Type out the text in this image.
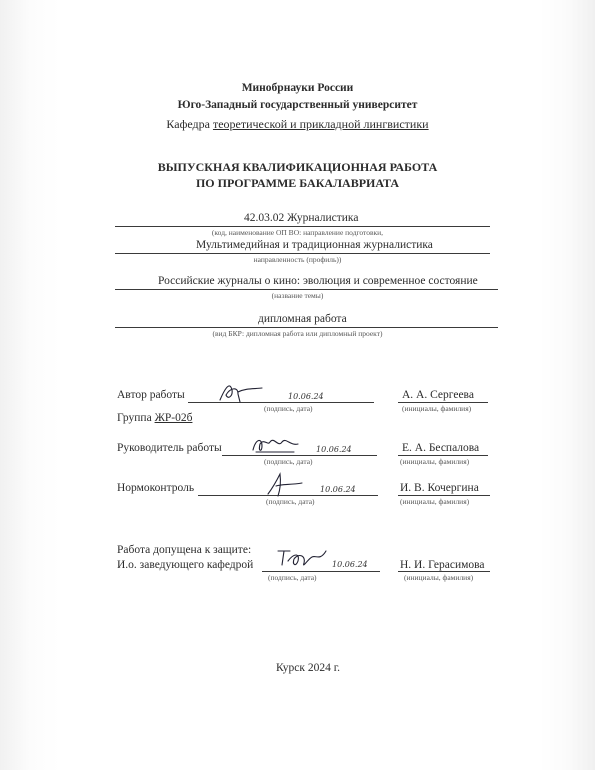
Минобрнауки России
Юго-Западный государственный университет
Кафедра теоретической и прикладной лингвистики
ВЫПУСКНАЯ КВАЛИФИКАЦИОННАЯ РАБОТА
ПО ПРОГРАММЕ БАКАЛАВРИАТА
42.03.02 Журналистика
(код, наименование ОП ВО: направление подготовки,
Мультимедийная и традиционная журналистика
направленность (профиль))
Российские журналы о кино: эволюция и современное состояние
(название темы)
дипломная работа
(вид БКР: дипломная работа или дипломный проект)
Автор работы	10.06.24
(подпись, дата)
А. А. Сергеева
(инициалы, фамилия)
Группа ЖР-02б
Руководитель работы	10.06.24
(подпись, дата)
Е. А. Беспалова
(инициалы, фамилия)
Нормоконтроль	10.06.24
(подпись, дата)
И. В. Кочергина
(инициалы, фамилия)
Работа допущена к защите:
И.о. заведующего кафедрой	10.06.24
(подпись, дата)
Н. И. Герасимова
(инициалы, фамилия)
Курск 2024 г.
